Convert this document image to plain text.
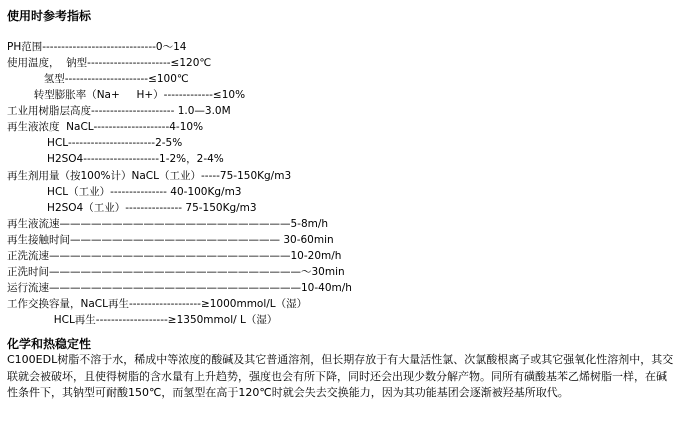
使用时参考指标
PH范围------------------------------0～14
使用温度，  钠型----------------------≤120℃
氢型----------------------≤100℃
转型膨胀率（Na+     H+）-------------≤10%
工业用树脂层高度---------------------- 1.0—3.0M
再生液浓度  NaCL--------------------4-10%
HCL-----------------------2-5%
H2SO4--------------------1-2%，2-4%
再生剂用量（按100%计）NaCL（工业）-----75-150Kg/m3
HCL（工业）--------------- 40-100Kg/m3
H2SO4（工业）--------------- 75-150Kg/m3
再生液流速——————————————————————5-8m/h
再生接触时间———————————————————— 30-60min
正洗流速———————————————————————10-20m/h
正洗时间————————————————————————～30min
运行流速————————————————————————10-40m/h
工作交换容量，NaCL再生-------------------≥1000mmol/L（湿）
HCL再生-------------------≥1350mmol/ L（湿）
化学和热稳定性
C100EDL树脂不溶于水，稀成中等浓度的酸碱及其它普通溶剂，但长期存放于有大量活性氯、次氯酸根离子或其它强氧化性溶剂中，其交联就会被破坏，且使得树脂的含水量有上升趋势，强度也会有所下降，同时还会出现少数分解产物。同所有磺酸基苯乙烯树脂一样，在碱性条件下，其钠型可耐酸150℃，而氢型在高于120℃时就会失去交换能力，因为其功能基团会逐渐被羟基所取代。
